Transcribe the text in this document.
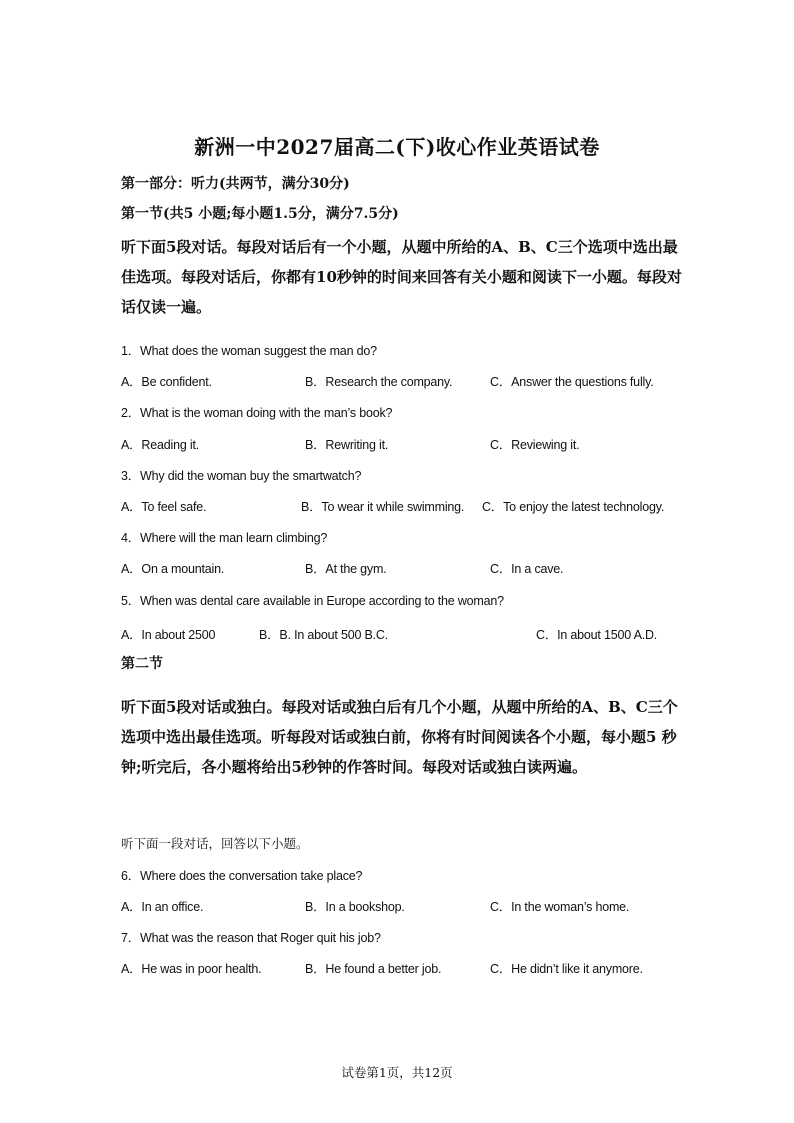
新洲一中2027届高二(下)收心作业英语试卷
第一部分：听力(共两节，满分30分)
第一节(共5 小题;每小题1.5分，满分7.5分)
听下面5段对话。每段对话后有一个小题，从题中所给的A、B、C三个选项中选出最佳选项。每段对话后，你都有10秒钟的时间来回答有关小题和阅读下一小题。每段对话仅读一遍。
1．What does the woman suggest the man do?
A．Be confident.	B．Research the company.	C．Answer the questions fully.
2．What is the woman doing with the man’s book?
A．Reading it.	B．Rewriting it.	C．Reviewing it.
3．Why did the woman buy the smartwatch?
A．To feel safe.	B．To wear it while swimming. C．To enjoy the latest technology.
4．Where will the man learn climbing?
A．On a mountain.	B．At the gym.	C．In a cave.
5．When was dental care available in Europe according to the woman?
A．In about 2500	B．B. In about 500 B.C.	C．In about 1500 A.D.
第二节
听下面5段对话或独白。每段对话或独白后有几个小题，从题中所给的A、B、C三个选项中选出最佳选项。听每段对话或独白前，你将有时间阅读各个小题，每小题5 秒钟;听完后，各小题将给出5秒钟的作答时间。每段对话或独白读两遍。
听下面一段对话，回答以下小题。
6．Where does the conversation take place?
A．In an office.	B．In a bookshop.	C．In the woman’s home.
7．What was the reason that Roger quit his job?
A．He was in poor health.	B．He found a better job.	C．He didn’t like it anymore.
试卷第1页，共12页
